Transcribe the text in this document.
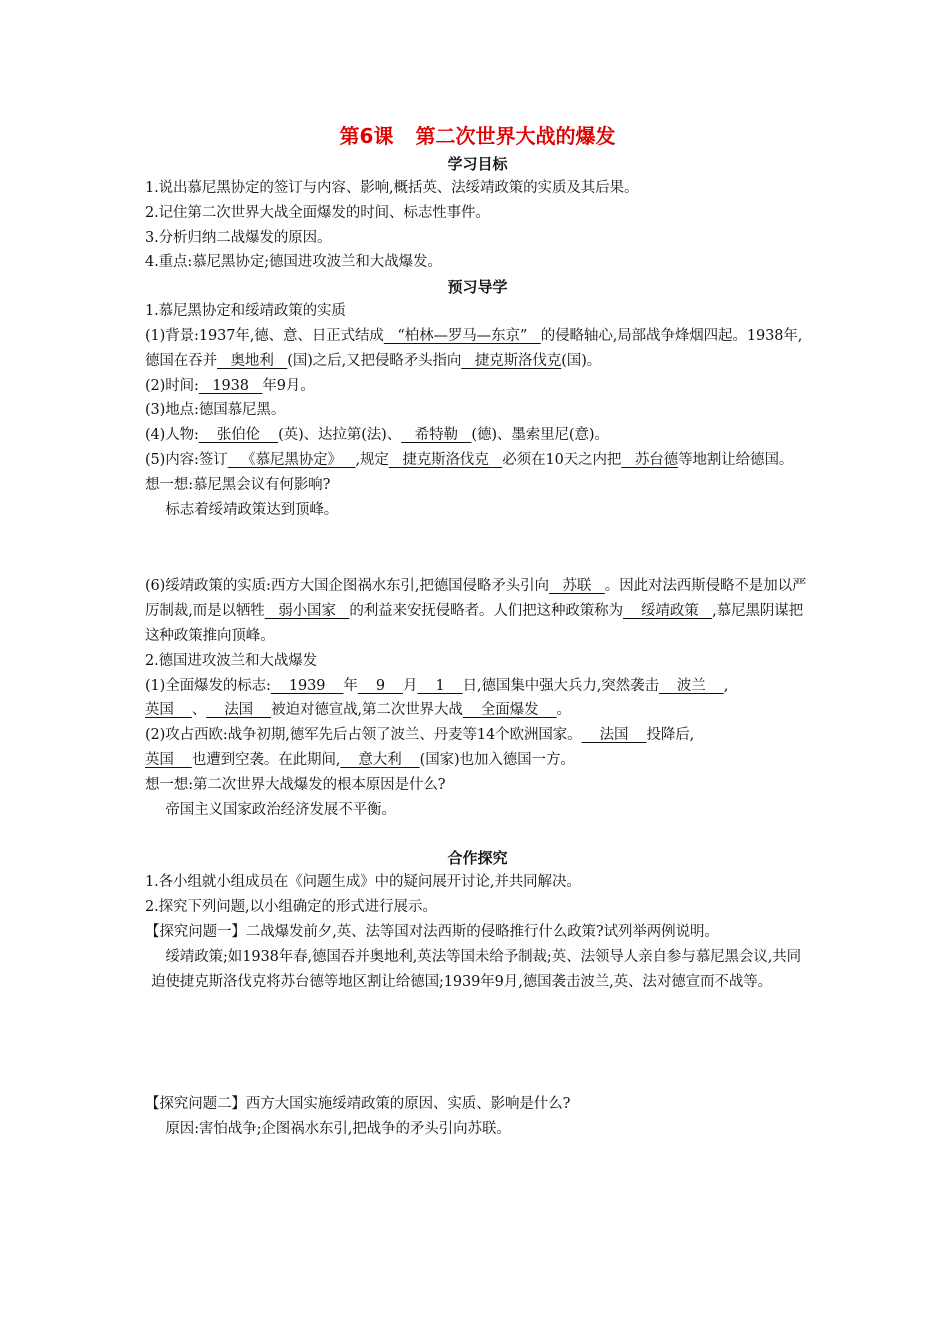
第6课 第二次世界大战的爆发
学习目标

1.说出慕尼黑协定的签订与内容、影响,概括英、法绥靖政策的实质及其后果。

2.记住第二次世界大战全面爆发的时间、标志性事件。

3.分析归纳二战爆发的原因。

4.重点:慕尼黑协定;德国进攻波兰和大战爆发。

预习导学

1.慕尼黑协定和绥靖政策的实质

(1)背景:1937年,德、意、日正式结成   “柏林—罗马—东京”   的侵略轴心,局部战争烽烟四起。1938年,德国在吞并   奥地利   (国)之后,又把侵略矛头指向   捷克斯洛伐克(国)。

(2)时间:   1938   年9月。

(3)地点:德国慕尼黑。

(4)人物:    张伯伦    (英)、达拉第(法)、   希特勒   (德)、墨索里尼(意)。

(5)内容:签订   《慕尼黑协定》   ,规定   捷克斯洛伐克   必须在10天之内把   苏台德等地割让给德国。

想一想:慕尼黑会议有何影响?

　标志着绥靖政策达到顶峰。

(6)绥靖政策的实质:西方大国企图祸水东引,把德国侵略矛头引向   苏联   。因此对法西斯侵略不是加以严厉制裁,而是以牺牲   弱小国家   的利益来安抚侵略者。人们把这种政策称为    绥靖政策   ,慕尼黑阴谋把这种政策推向顶峰。

2.德国进攻波兰和大战爆发

(1)全面爆发的标志:    1939    年    9    月    1    日,德国集中强大兵力,突然袭击    波兰    ,
英国    、    法国    被迫对德宣战,第二次世界大战    全面爆发    。

(2)攻占西欧:战争初期,德军先后占领了波兰、丹麦等14个欧洲国家。    法国    投降后,
英国    也遭到空袭。在此期间,    意大利    (国家)也加入德国一方。

想一想:第二次世界大战爆发的根本原因是什么?

　帝国主义国家政治经济发展不平衡。

合作探究

1.各小组就小组成员在《问题生成》中的疑问展开讨论,并共同解决。

2.探究下列问题,以小组确定的形式进行展示。

【探究问题一】二战爆发前夕,英、法等国对法西斯的侵略推行什么政策?试列举两例说明。

　绥靖政策;如1938年春,德国吞并奥地利,英法等国未给予制裁;英、法领导人亲自参与慕尼黑会议,共同迫使捷克斯洛伐克将苏台德等地区割让给德国;1939年9月,德国袭击波兰,英、法对德宣而不战等。

【探究问题二】西方大国实施绥靖政策的原因、实质、影响是什么?

　原因:害怕战争;企图祸水东引,把战争的矛头引向苏联。
